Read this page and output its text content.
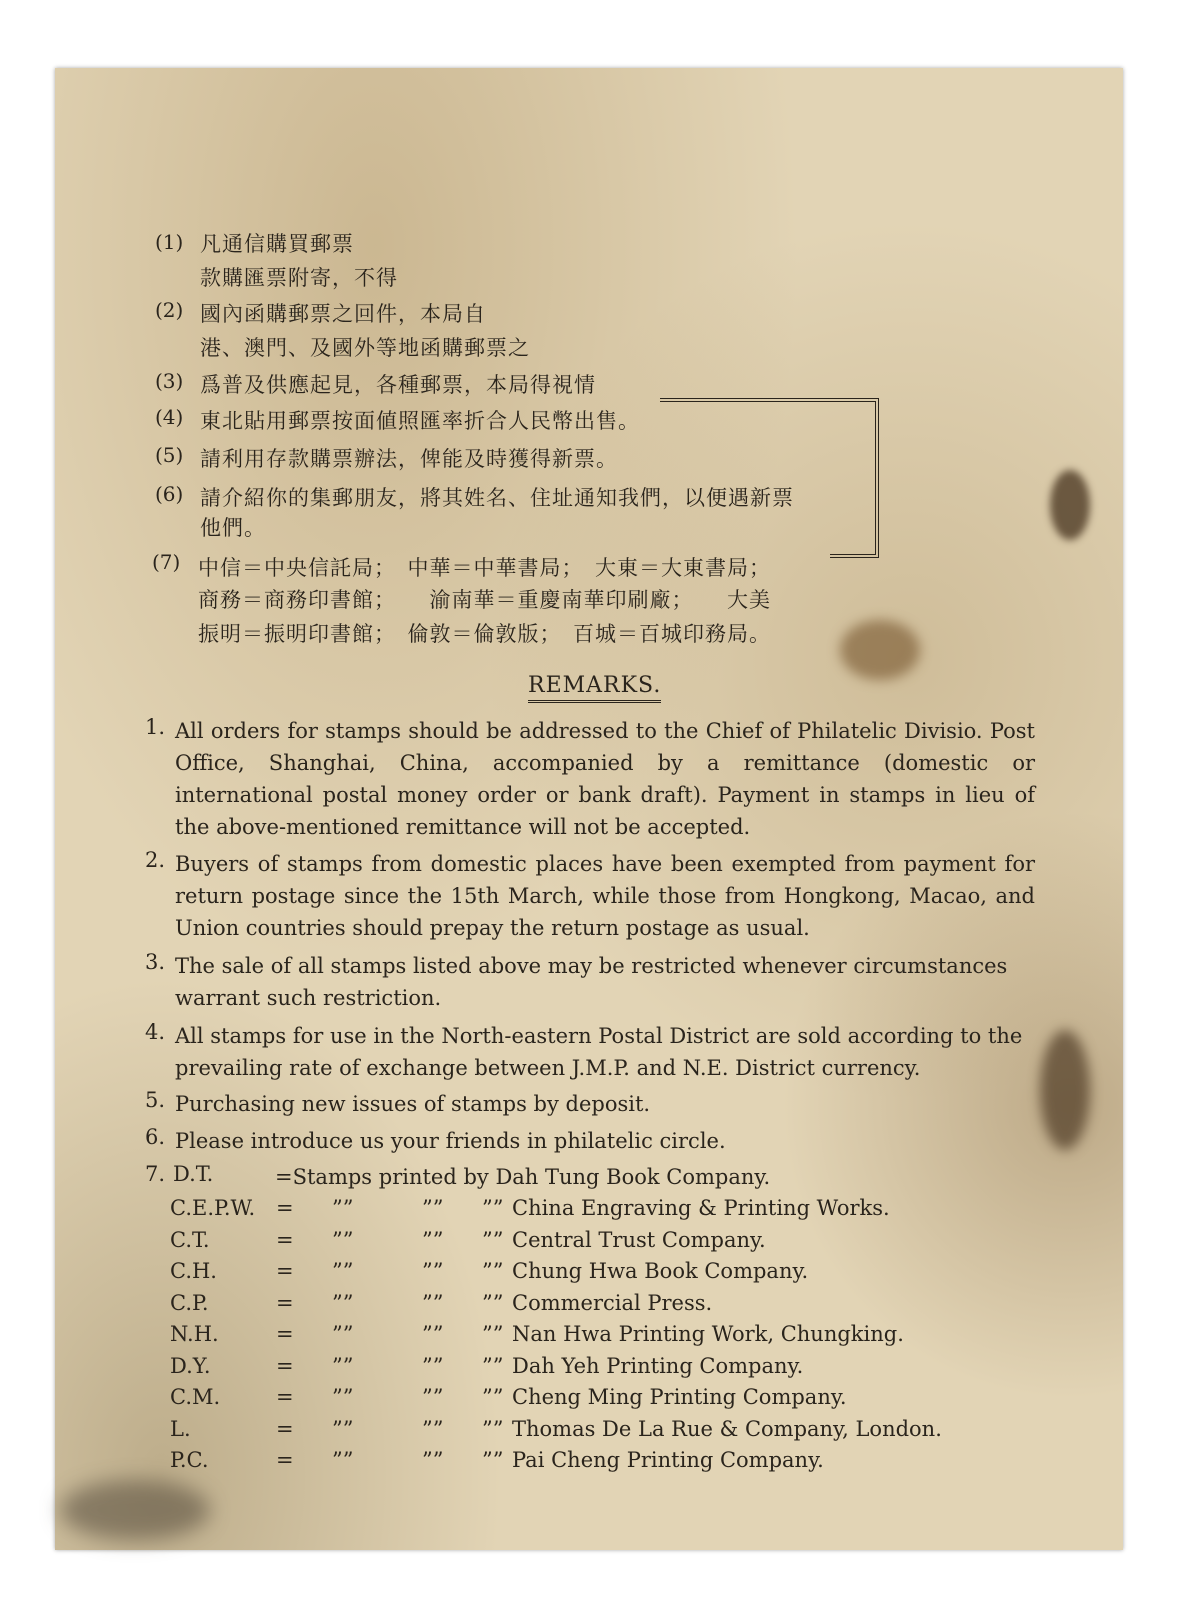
(1) 凡通信購買郵票
款購匯票附寄，不得
(2) 國內函購郵票之回件，本局自
港、澳門、及國外等地函購郵票之
(3) 爲普及供應起見，各種郵票，本局得視情
(4) 東北貼用郵票按面値照匯率折合人民幣出售。
(5) 請利用存款購票辦法，俾能及時獲得新票。
(6) 請介紹你的集郵朋友，將其姓名、住址通知我們，以便遇新票
他們。
(7) 中信＝中央信託局；　中華＝中華書局；　大東＝大東書局；
商務＝商務印書館；　　渝南華＝重慶南華印刷廠；　　大美
振明＝振明印書館；　倫敦＝倫敦版；　百城＝百城印務局。
REMARKS.
1. All orders for stamps should be addressed to the Chief of Philatelic Divisio. Post Office, Shanghai, China, accompanied by a remittance (domestic or international postal money order or bank draft). Payment in stamps in lieu of the above-mentioned remittance will not be accepted.
2. Buyers of stamps from domestic places have been exempted from payment for return postage since the 15th March, while those from Hongkong, Macao, and Union countries should prepay the return postage as usual.
3. The sale of all stamps listed above may be restricted whenever circumstances warrant such restriction.
4. All stamps for use in the North-eastern Postal District are sold according to the prevailing rate of exchange between J.M.P. and N.E. District currency.
5. Purchasing new issues of stamps by deposit.
6. Please introduce us your friends in philatelic circle.
7. D.T.	=Stamps printed by Dah Tung Book Company.
C.E.P.W. = ””	”” ”” China Engraving & Printing Works.
C.T.	= ””	”” ”” Central Trust Company.
C.H.	= ””	”” ”” Chung Hwa Book Company.
C.P.	= ””	”” ”” Commercial Press.
N.H.	= ””	”” ”” Nan Hwa Printing Work, Chungking.
D.Y.	= ””	”” ”” Dah Yeh Printing Company.
C.M.	= ””	”” ”” Cheng Ming Printing Company.
L.	= ””	”” ”” Thomas De La Rue & Company, London.
P.C.	= ””	”” ”” Pai Cheng Printing Company.
